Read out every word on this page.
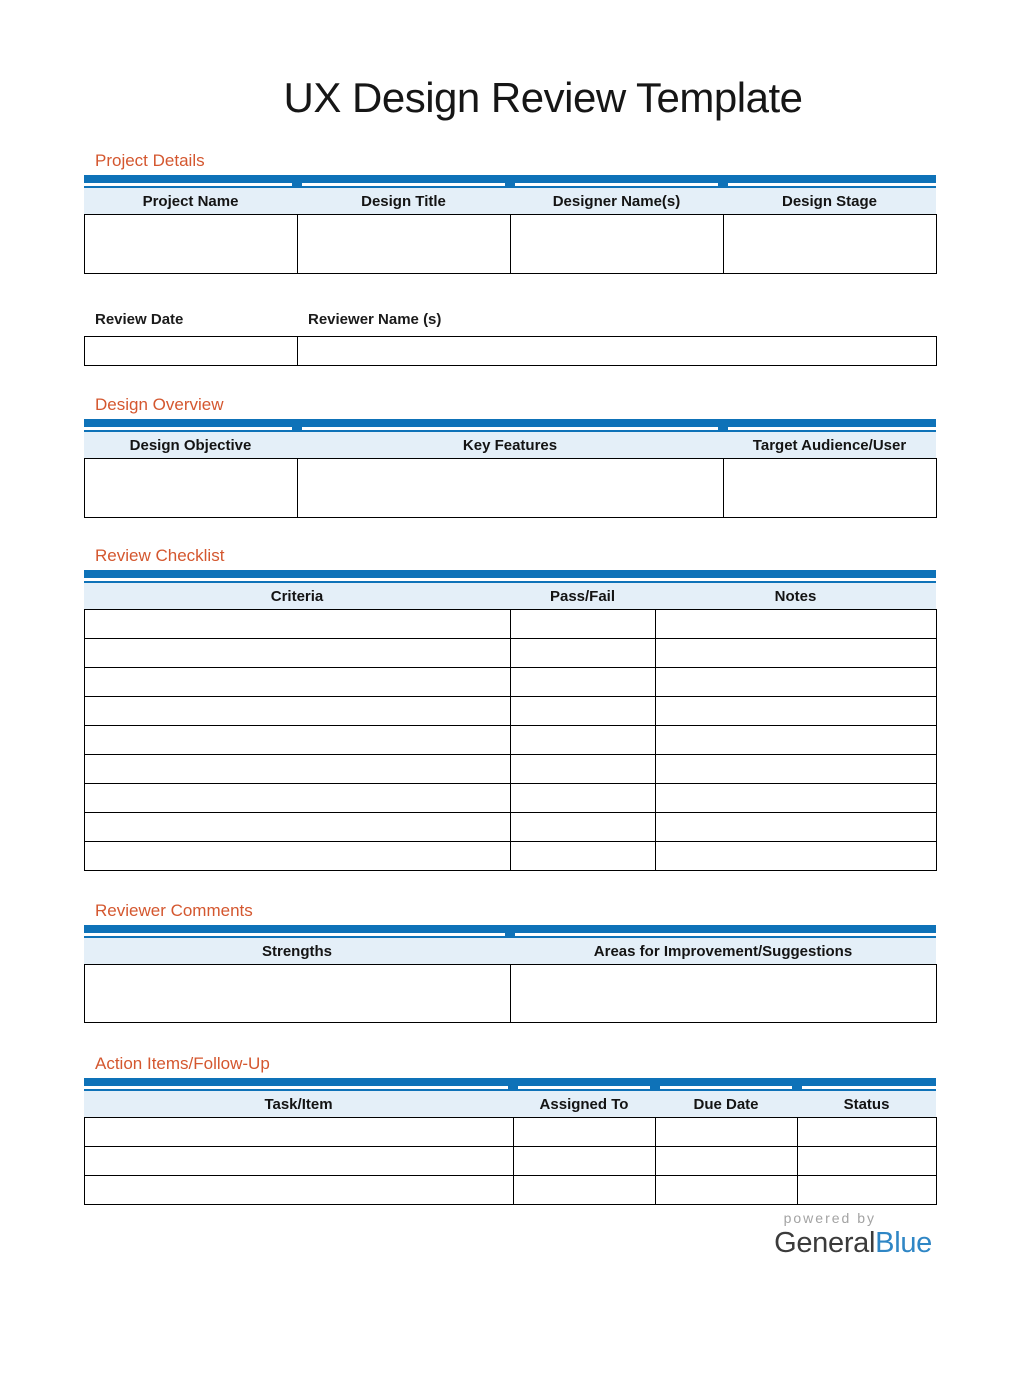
UX Design Review Template
Project Details
Project Name	Design Title	Designer Name(s)	Design Stage

Review Date	Reviewer Name (s)

Design Overview
Design Objective	Key Features	Target Audience/User

Review Checklist
Criteria	Pass/Fail	Notes

Reviewer Comments
Strengths	Areas for Improvement/Suggestions

Action Items/Follow-Up
Task/Item	Assigned To	Due Date	Status

powered by
GeneralBlue
